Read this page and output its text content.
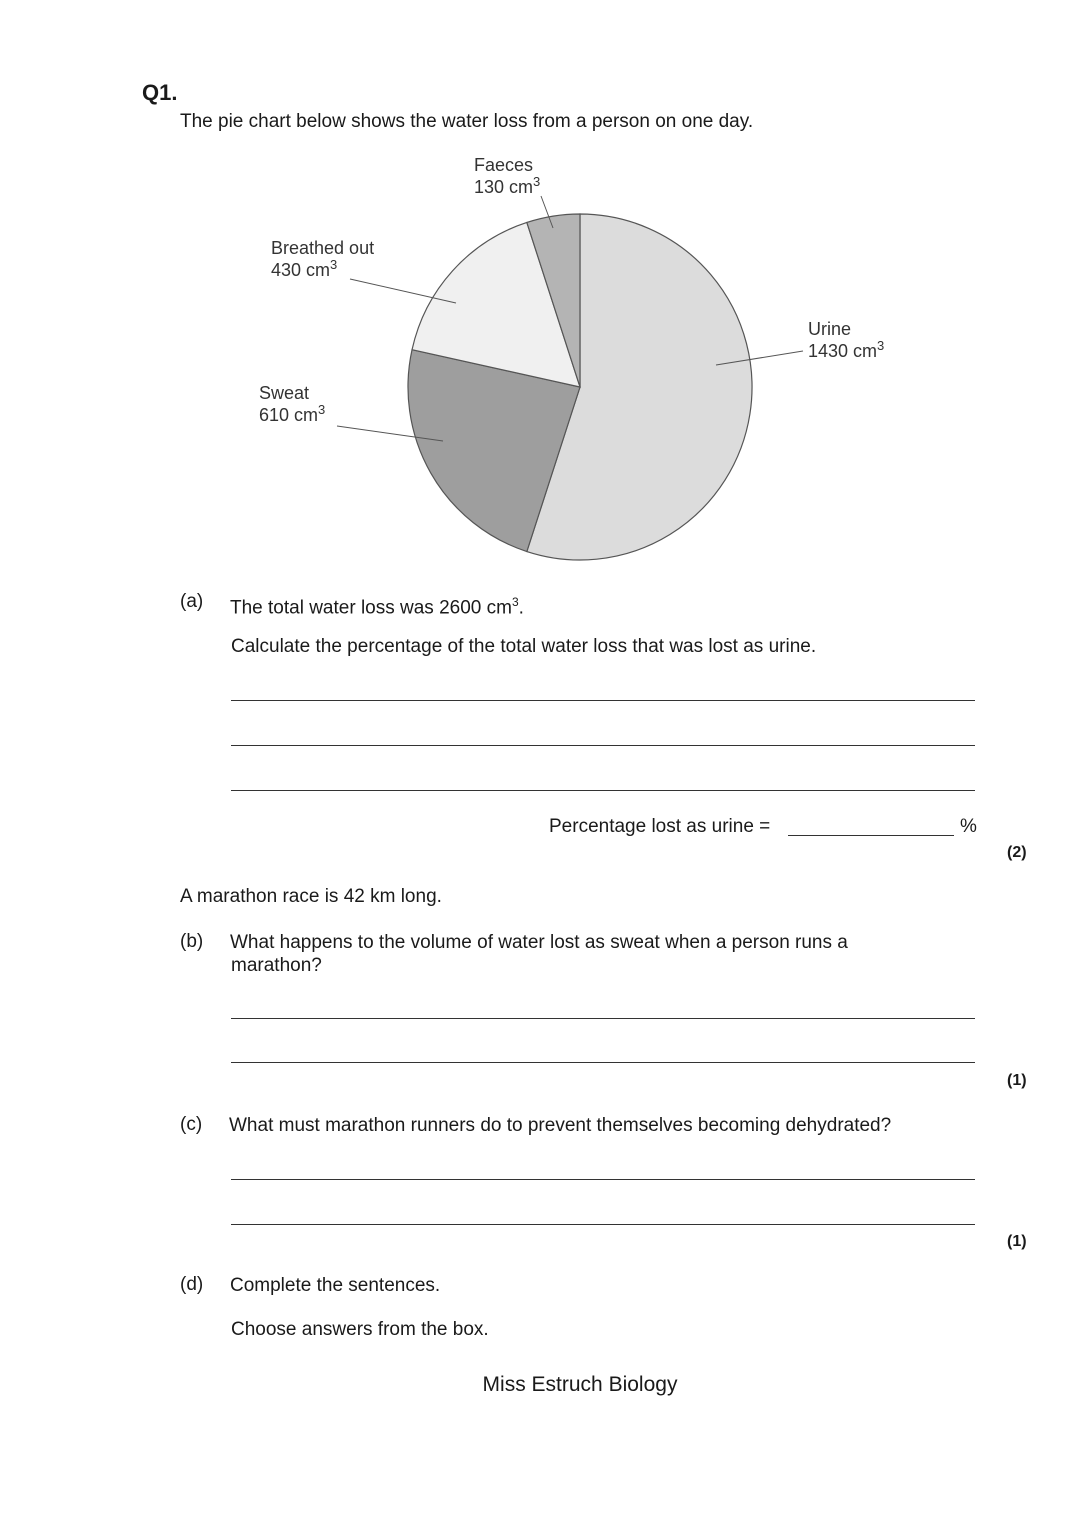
Q1.
The pie chart below shows the water loss from a person on one day.
Faeces
130 $cm^3$
Breathed out
430 $cm^3$
Urine
1430 $cm^3$
Sweat
610 $cm^3$
(a) The total water loss was 2600 $cm^3$.
Calculate the percentage of the total water loss that was lost as urine.
Percentage lost as urine =	%
(2)
A marathon race is 42 km long.
(b) What happens to the volume of water lost as sweat when a person runs a
marathon?
(1)
(c) What must marathon runners do to prevent themselves becoming dehydrated?
(1)
(d) Complete the sentences.
Choose answers from the box.
Miss Estruch Biology
